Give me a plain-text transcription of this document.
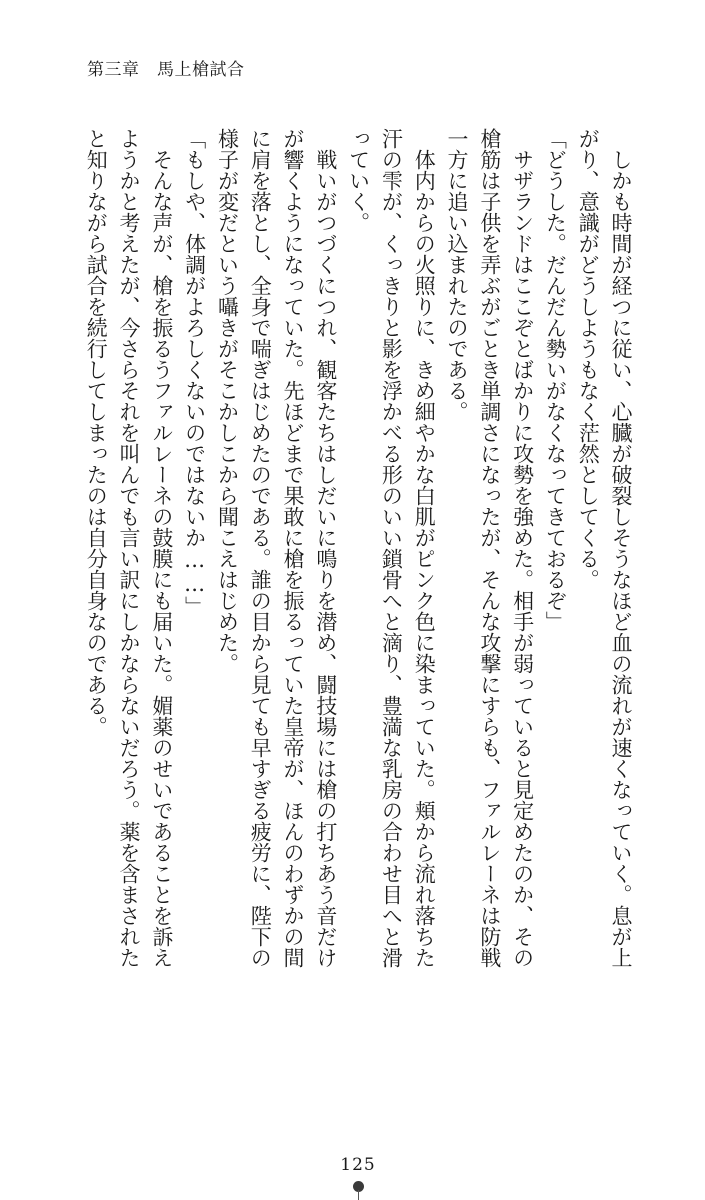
第三章　馬上槍試合
　しかも時間が経つに従い、心臓が破裂しそうなほど血の流れが速くなっていく。息が上
がり、意識がどうしようもなく茫然としてくる。
「どうした。だんだん勢いがなくなってきておるぞ」
　サザランドはここぞとばかりに攻勢を強めた。相手が弱っていると見定めたのか、その
槍筋は子供を弄ぶがごとき単調さになったが、そんな攻撃にすらも、ファルレーネは防戦
一方に追い込まれたのである。
　体内からの火照りに、きめ細やかな白肌がピンク色に染まっていた。頬から流れ落ちた
汗の雫が、くっきりと影を浮かべる形のいい鎖骨へと滴り、豊満な乳房の合わせ目へと滑
っていく。
　戦いがつづくにつれ、観客たちはしだいに鳴りを潜め、闘技場には槍の打ちあう音だけ
が響くようになっていた。先ほどまで果敢に槍を振るっていた皇帝が、ほんのわずかの間
に肩を落とし、全身で喘ぎはじめたのである。誰の目から見ても早すぎる疲労に、陛下の
様子が変だという囁きがそこかしこから聞こえはじめた。
「もしや、体調がよろしくないのではないか……」
　そんな声が、槍を振るうファルレーネの鼓膜にも届いた。媚薬のせいであることを訴え
ようかと考えたが、今さらそれを叫んでも言い訳にしかならないだろう。薬を含まされた
と知りながら試合を続行してしまったのは自分自身なのである。
125
